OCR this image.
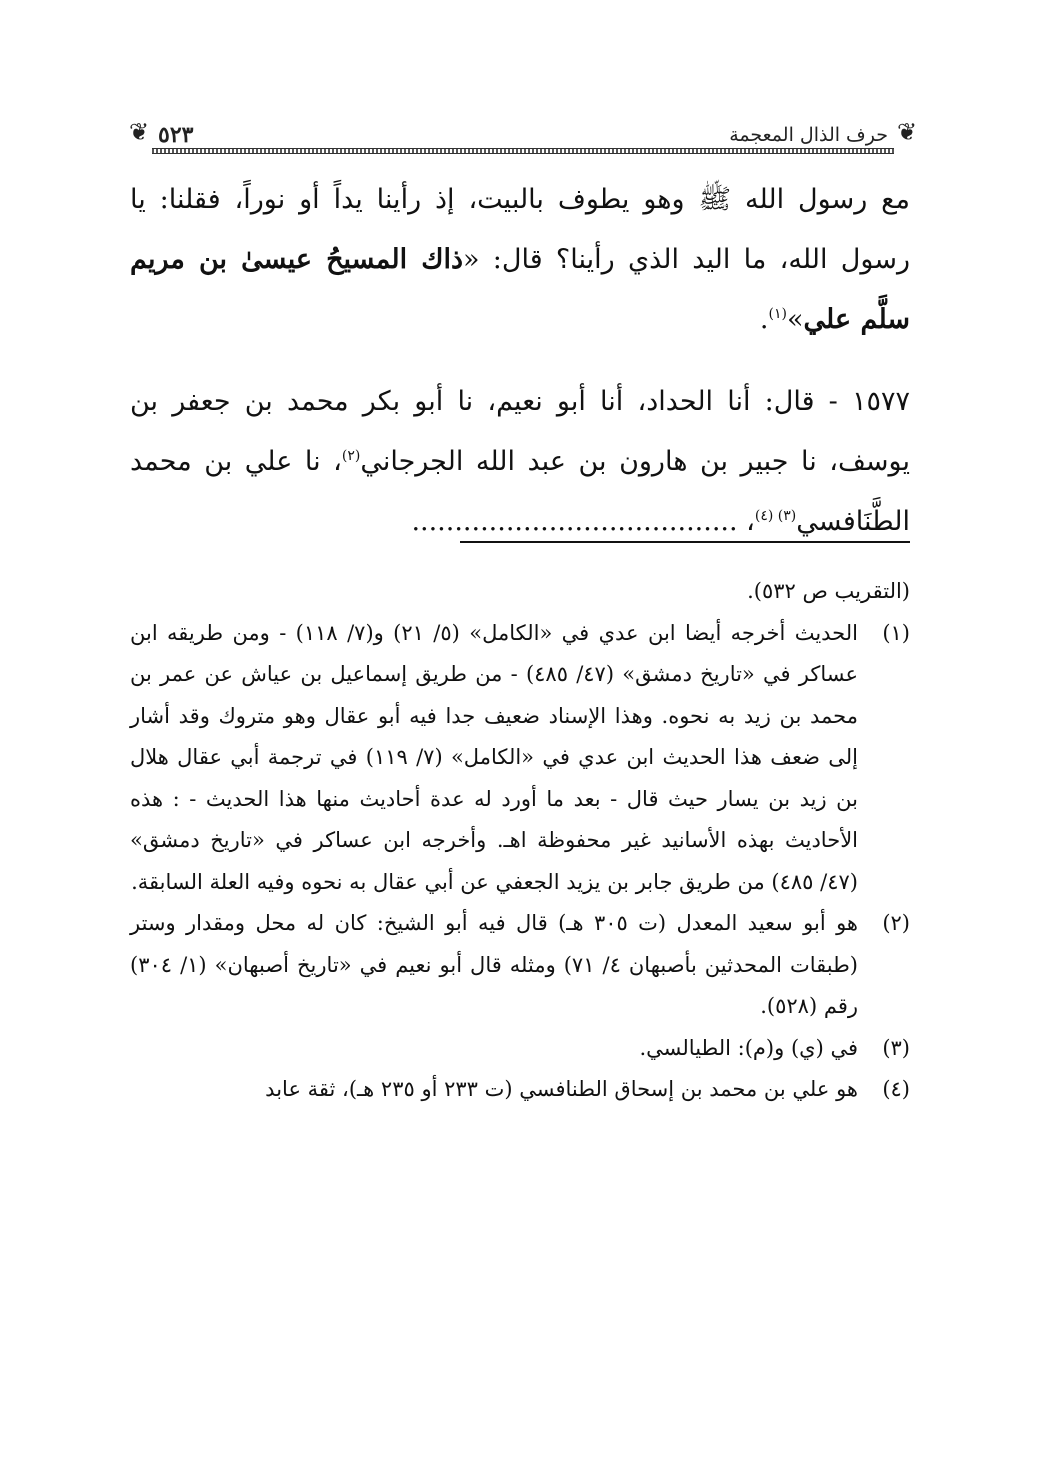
❦
حرف الذال المعجمة
٥٢٣
❦

مع رسول الله ﷺ وهو يطوف بالبيت، إذ رأينا يداً أو نوراً، فقلنا: يا رسول الله، ما اليد الذي رأينا؟ قال: «ذاك المسيحُ عيسىٰ بن مريم سلَّم علي»$^{(١)}$.

١٥٧٧ - قال: أنا الحداد، أنا أبو نعيم، نا أبو بكر محمد بن جعفر بن يوسف، نا جبير بن هارون بن عبد الله الجرجاني$^{(٢)}$، نا علي بن محمد الطَّنَافسي$^{(٣) (٤)}$، ......................................

(التقريب ص ٥٣٢).

(١)
الحديث أخرجه أيضا ابن عدي في «الكامل» (٥/ ٢١) و(٧/ ١١٨) - ومن طريقه ابن عساكر في «تاريخ دمشق» (٤٧/ ٤٨٥) - من طريق إسماعيل بن عياش عن عمر بن محمد بن زيد به نحوه. وهذا الإسناد ضعيف جدا فيه أبو عقال وهو متروك وقد أشار إلى ضعف هذا الحديث ابن عدي في «الكامل» (٧/ ١١٩) في ترجمة أبي عقال هلال بن زيد بن يسار حيث قال - بعد ما أورد له عدة أحاديث منها هذا الحديث - : هذه الأحاديث بهذه الأسانيد غير محفوظة اهـ. وأخرجه ابن عساكر في «تاريخ دمشق» (٤٧/ ٤٨٥) من طريق جابر بن يزيد الجعفي عن أبي عقال به نحوه وفيه العلة السابقة.
(٢)
هو أبو سعيد المعدل (ت ٣٠٥ هـ) قال فيه أبو الشيخ: كان له محل ومقدار وستر (طبقات المحدثين بأصبهان ٤/ ٧١) ومثله قال أبو نعيم في «تاريخ أصبهان» (١/ ٣٠٤) رقم (٥٢٨).
(٣)
في (ي) و(م): الطيالسي.
(٤)
هو علي بن محمد بن إسحاق الطنافسي (ت ٢٣٣ أو ٢٣٥ هـ)، ثقة عابد
